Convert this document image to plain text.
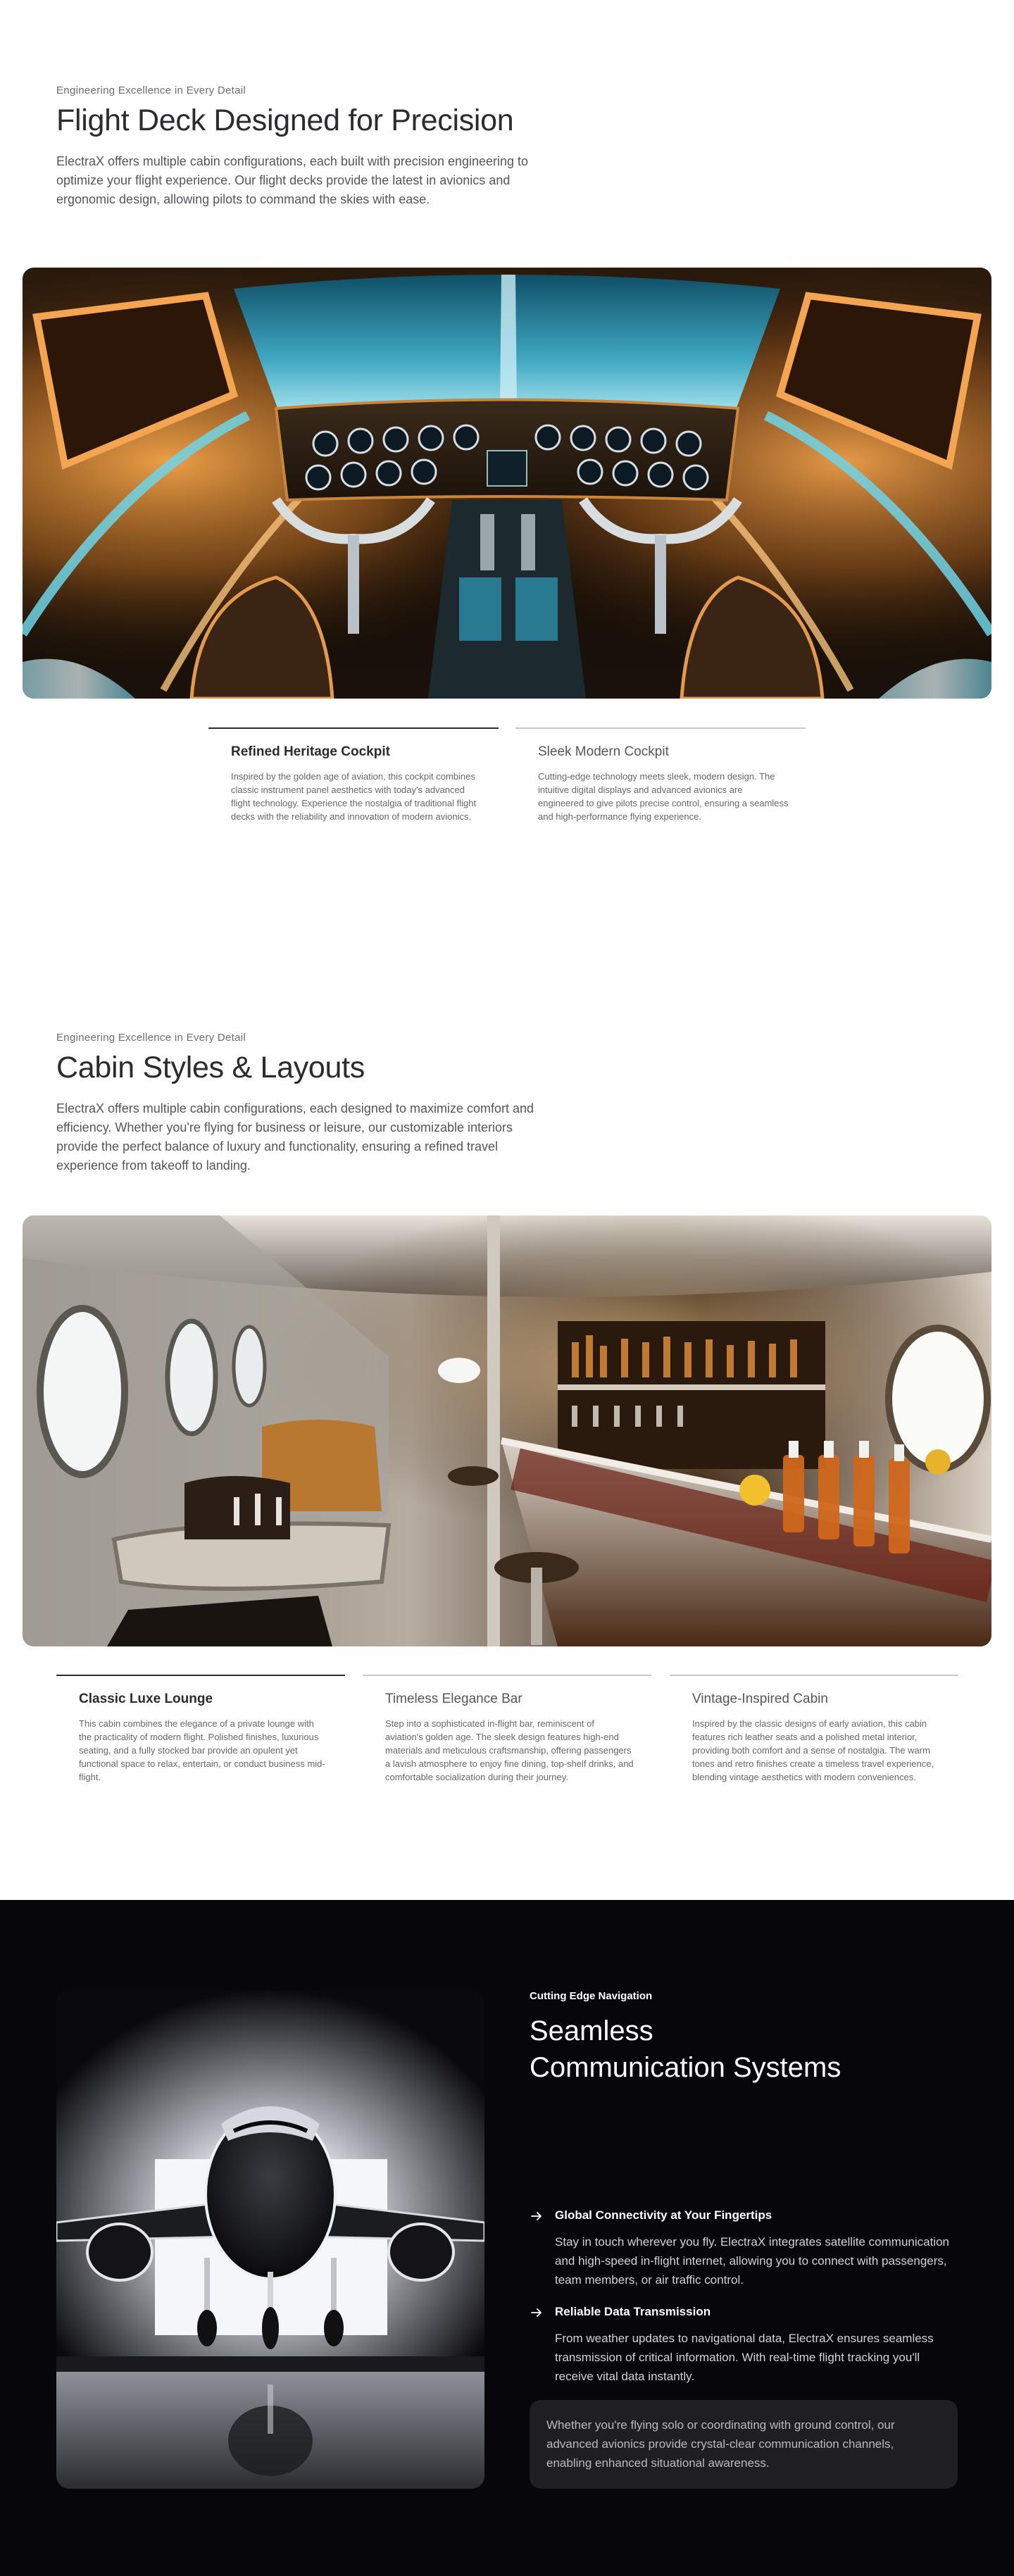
Engineering Excellence in Every Detail
Flight Deck Designed for Precision

ElectraX offers multiple cabin configurations, each built with precision engineering to optimize your flight experience. Our flight decks provide the latest in avionics and ergonomic design, allowing pilots to command the skies with ease.

Refined Heritage Cockpit

Inspired by the golden age of aviation, this cockpit combines classic instrument panel aesthetics with today's advanced flight technology. Experience the nostalgia of traditional flight decks with the reliability and innovation of modern avionics.

Sleek Modern Cockpit

Cutting-edge technology meets sleek, modern design. The intuitive digital displays and advanced avionics are engineered to give pilots precise control, ensuring a seamless and high-performance flying experience.

Engineering Excellence in Every Detail
Cabin Styles & Layouts

ElectraX offers multiple cabin configurations, each designed to maximize comfort and efficiency. Whether you're flying for business or leisure, our customizable interiors provide the perfect balance of luxury and functionality, ensuring a refined travel experience from takeoff to landing.

Classic Luxe Lounge

This cabin combines the elegance of a private lounge with the practicality of modern flight. Polished finishes, luxurious seating, and a fully stocked bar provide an opulent yet functional space to relax, entertain, or conduct business mid-flight.

Timeless Elegance Bar

Step into a sophisticated in-flight bar, reminiscent of aviation's golden age. The sleek design features high-end materials and meticulous craftsmanship, offering passengers a lavish atmosphere to enjoy fine dining, top-shelf drinks, and comfortable socialization during their journey.

Vintage-Inspired Cabin

Inspired by the classic designs of early aviation, this cabin features rich leather seats and a polished metal interior, providing both comfort and a sense of nostalgia. The warm tones and retro finishes create a timeless travel experience, blending vintage aesthetics with modern conveniences.

Cutting Edge Navigation
Seamless
Communication Systems
Global Connectivity at Your Fingertips

Stay in touch wherever you fly. ElectraX integrates satellite communication and high-speed in-flight internet, allowing you to connect with passengers, team members, or air traffic control.

Reliable Data Transmission

From weather updates to navigational data, ElectraX ensures seamless transmission of critical information. With real-time flight tracking you'll receive vital data instantly.

Whether you're flying solo or coordinating with ground control, our advanced avionics provide crystal-clear communication channels, enabling enhanced situational awareness.
